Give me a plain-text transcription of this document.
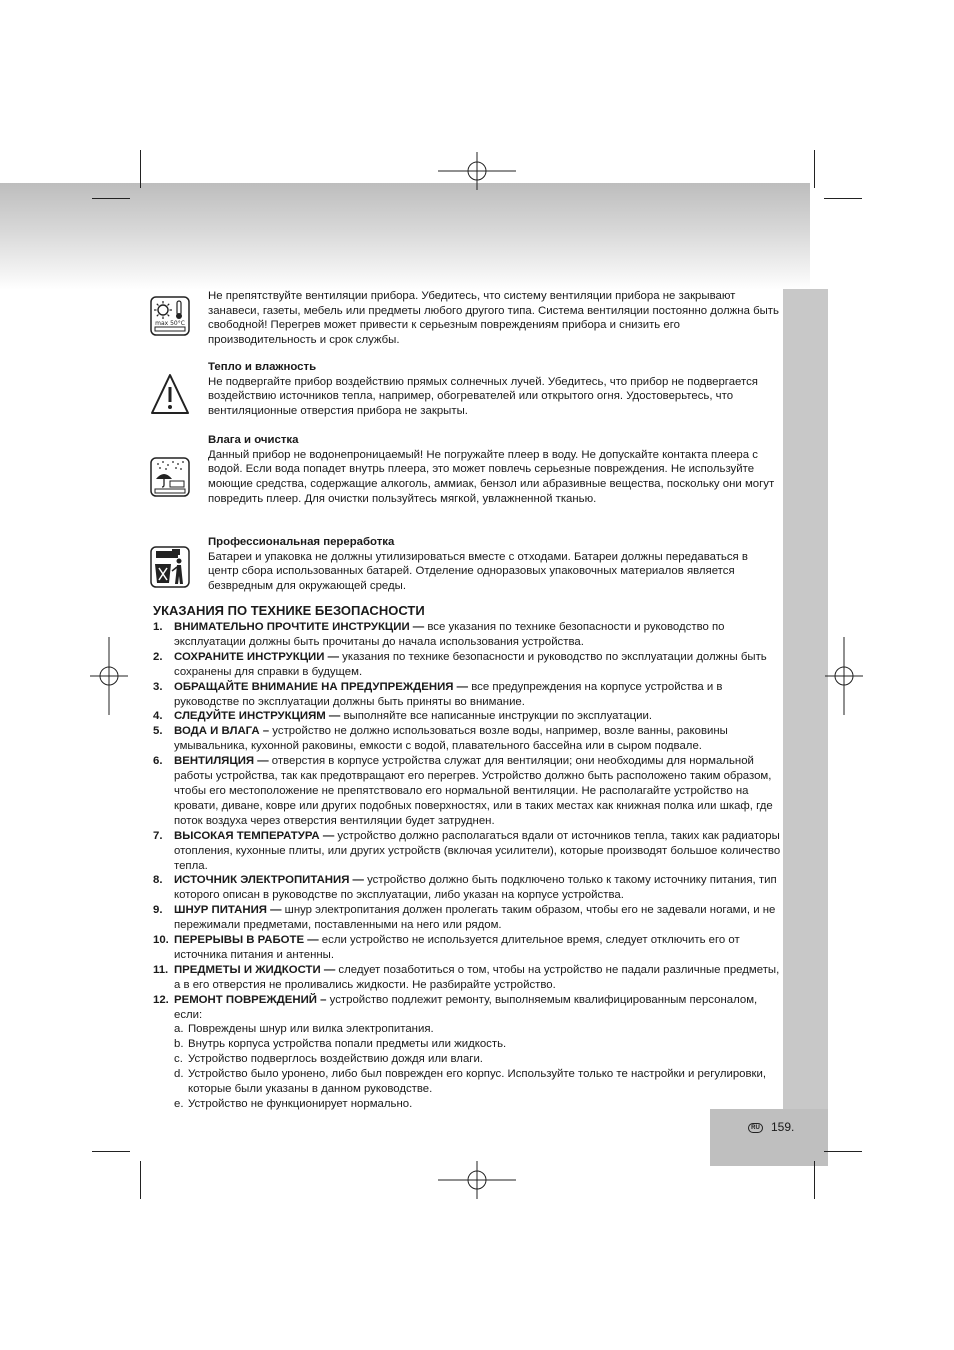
RU 159.
max 50°C

Не препятствуйте вентиляции прибора. Убедитесь, что систему вентиляции прибора не закрывают занавеси, газеты, мебель или предметы любого другого типа. Система вентиляции постоянно должна быть свободной! Перегрев может привести к серьезным повреждениям прибора и снизить его производительность и срок службы.

Тепло и влажность

Не подвергайте прибор воздействию прямых солнечных лучей. Убедитесь, что прибор не подвергается воздействию источников тепла, например, обогревателей или открытого огня. Удостоверьтесь, что вентиляционные отверстия прибора не закрыты.

Влага и очистка

Данный прибор не водонепроницаемый! Не погружайте плеер в воду. Не допускайте контакта плеера с водой. Если вода попадет внутрь плеера, это может повлечь серьезные повреждения. Не используйте моющие средства, содержащие алкоголь, аммиак, бензол или абразивные вещества, поскольку они могут повредить плеер. Для очистки пользуйтесь мягкой, увлажненной тканью.

Профессиональная переработка

Батареи и упаковка не должны утилизироваться вместе с отходами. Батареи должны передаваться в центр сбора использованных батарей. Отделение одноразовых упаковочных материалов является безвредным для окружающей среды.

УКАЗАНИЯ ПО ТЕХНИКЕ БЕЗОПАСНОСТИ
1. ВНИМАТЕЛЬНО ПРОЧТИТЕ ИНСТРУКЦИИ — все указания по технике безопасности и руководство по эксплуатации должны быть прочитаны до начала использования устройства.
2. СОХРАНИТЕ ИНСТРУКЦИИ — указания по технике безопасности и руководство по эксплуатации должны быть сохранены для справки в будущем.
3. ОБРАЩАЙТЕ ВНИМАНИЕ НА ПРЕДУПРЕЖДЕНИЯ — все предупреждения на корпусе устройства и в руководстве по эксплуатации должны быть приняты во внимание.
4. СЛЕДУЙТЕ ИНСТРУКЦИЯМ — выполняйте все написанные инструкции по эксплуатации.
5. ВОДА И ВЛАГА – устройство не должно использоваться возле воды, например, возле ванны, раковины умывальника, кухонной раковины, емкости с водой, плавательного бассейна или в сыром подвале.
6. ВЕНТИЛЯЦИЯ — отверстия в корпусе устройства служат для вентиляции; они необходимы для нормальной работы устройства, так как предотвращают его перегрев. Устройство должно быть расположено таким образом, чтобы его местоположение не препятствовало его нормальной вентиляции. Не располагайте устройство на кровати, диване, ковре или других подобных поверхностях, или в таких местах как книжная полка или шкаф, где поток воздуха через отверстия вентиляции будет затруднен.
7. ВЫСОКАЯ ТЕМПЕРАТУРА — устройство должно располагаться вдали от источников тепла, таких как радиаторы отопления, кухонные плиты, или других устройств (включая усилители), которые производят большое количество тепла.
8. ИСТОЧНИК ЭЛЕКТРОПИТАНИЯ — устройство должно быть подключено только к такому источнику питания, тип которого описан в руководстве по эксплуатации, либо указан на корпусе устройства.
9. ШНУР ПИТАНИЯ — шнур электропитания должен пролегать таким образом, чтобы его не задевали ногами, и не пережимали предметами, поставленными на него или рядом.
10. ПЕРЕРЫВЫ В РАБОТЕ — если устройство не используется длительное время, следует отключить его от источника питания и антенны.
11. ПРЕДМЕТЫ И ЖИДКОСТИ — следует позаботиться о том, чтобы на устройство не падали различные предметы, а в его отверстия не проливались жидкости. Не разбирайте устройство.
12. РЕМОНТ ПОВРЕЖДЕНИЙ – устройство подлежит ремонту, выполняемым квалифицированным персоналом, если:
a. Повреждены шнур или вилка электропитания.
b. Внутрь корпуса устройства попали предметы или жидкость.
c. Устройство подверглось воздействию дождя или влаги.
d. Устройство было уронено, либо был поврежден его корпус. Используйте только те настройки и регулировки, которые были указаны в данном руководстве.
e. Устройство не функционирует нормально.
